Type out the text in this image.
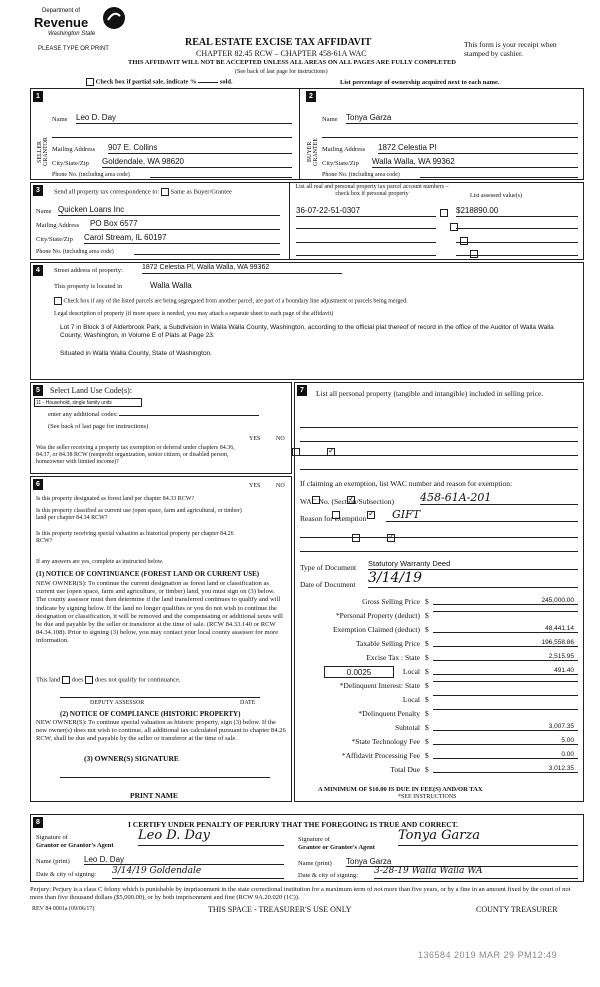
Department of
Revenue
Washington State
PLEASE TYPE OR PRINT
REAL ESTATE EXCISE TAX AFFIDAVIT
CHAPTER 82.45 RCW – CHAPTER 458-61A WAC
THIS AFFIDAVIT WILL NOT BE ACCEPTED UNLESS ALL AREAS ON ALL PAGES ARE FULLY COMPLETED
This form is your receipt when stamped by cashier.
(See back of last page for instructions)
Check box if partial sale, indicate %	sold.	List percentage of ownership acquired next to each name.
1	2
SELLER GRANTOR	BUYER GRANTEE
Name Leo D. Day
Mailing Address 907 E. Collins
City/State/Zip Goldendale, WA 98620
Phone No. (including area code)
Name Tonya Garza
Mailing Address 1872 Celestia Pl
City/State/Zip Walla Walla, WA 99362
Phone No. (including area code)
3	Send all property tax correspondence to: Same as Buyer/Grantee
Name Quicken Loans Inc
Mailing Address PO Box 6577
City/State/Zip Carol Stream, IL 60197
Phone No. (including area code)
List all real and personal property tax parcel account numbers – check box if personal property	List assessed value(s)
36-07-22-51-0307
	$218890.00

4	Street address of property:	1872 Celestia Pl, Walla Walla, WA 99362
This property is located in	Walla Walla
Check box if any of the listed parcels are being segregated from another parcel, are part of a boundary line adjustment or parcels being merged.
Legal description of property (if more space is needed, you may attach a separate sheet to each page of the affidavit)
Lot 7 in Block 3 of Alderbrook Park, a Subdivision in Walla Walla County, Washington, according to the official plat thereof of record in the office of the Auditor of Walla Walla County, Washington, in Volume E of Plats at Page 23.
Situated in Walla Walla County, State of Washington.
5	Select Land Use Code(s):
11 - Household, single family units
enter any additional codes:
(See back of last page for instructions)
YES	NO
Was the seller receiving a property tax exemption or deferral under chapters 84.36, 84.37, or 84.38 RCW (nonprofit organization, senior citizen, or disabled person, homeowner with limited income)?
✓
6	YES	NO
Is this property designated as forest land per chapter 84.33 RCW?
✓
Is this property classified as current use (open space, farm and agricultural, or timber) land per chapter 84.34 RCW?
✓
Is this property receiving special valuation as historical property per chapter 84.26 RCW?
✓
If any answers are yes, complete as instructed below.
(1) NOTICE OF CONTINUANCE (FOREST LAND OR CURRENT USE)
NEW OWNER(S): To continue the current designation as forest land or classification as current use (open space, farm and agriculture, or timber) land, you must sign on (3) below. The county assessor must then determine if the land transferred continues to qualify and will indicate by signing below. If the land no longer qualifies or you do not wish to continue the designation or classification, it will be removed and the compensating or additional taxes will be due and payable by the seller or transferor at the time of sale. (RCW 84.33.140 or RCW 84.34.108). Prior to signing (3) below, you may contact your local county assessor for more information.
This land does does not qualify for continuance.
DEPUTY ASSESSOR	DATE
(2) NOTICE OF COMPLIANCE (HISTORIC PROPERTY)
NEW OWNER(S): To continue special valuation as historic property, sign (3) below. If the new owner(s) does not wish to continue, all additional tax calculated pursuant to chapter 84.26 RCW, shall be due and payable by the seller or transferor at the time of sale.
(3) OWNER(S) SIGNATURE
PRINT NAME
7	List all personal property (tangible and intangible) included in selling price.
If claiming an exemption, list WAC number and reason for exemption:
WAC No. (Section/Subsection) 458-61A-201
Reason for exemption	GIFT
Type of Document Statutory Warranty Deed
Date of Document 3/14/19
Gross Selling Price $	245,000.00
*Personal Property (deduct) $
Exemption Claimed (deduct) $	48,441.14
Taxable Selling Price $	196,558.86
Excise Tax : State $	2,515.95
0.0025	Local $	491.40
*Delinquent Interest: State $
Local $
*Delinquent Penalty $
Subtotal $	3,007.35
*State Technology Fee $	5.00
*Affidavit Processing Fee $	0.00
Total Due $	3,012.35
A MINIMUM OF $10.00 IS DUE IN FEE(S) AND/OR TAX
*SEE INSTRUCTIONS
8	I CERTIFY UNDER PENALTY OF PERJURY THAT THE FOREGOING IS TRUE AND CORRECT.
Signature of
Grantor or Grantor's Agent
Leo D. Day
Name (print) Leo D. Day
Date & city of signing: 3/14/19 Goldendale
Signature of
Grantee or Grantee's Agent
Tonya Garza
Name (print) Tonya Garza
Date & city of signing: 3-28-19 Walla Walla WA
Perjury: Perjury is a class C felony which is punishable by imprisonment in the state correctional institution for a maximum term of not more than five years, or by a fine in an amount fixed by the court of not more than five thousand dollars ($5,000.00), or by both imprisonment and fine (RCW 9A.20.020 (1C)).
REV 84 0001a (09/06/17)	THIS SPACE - TREASURER'S USE ONLY	COUNTY TREASURER
136584 2019 MAR 29 PM12:49
